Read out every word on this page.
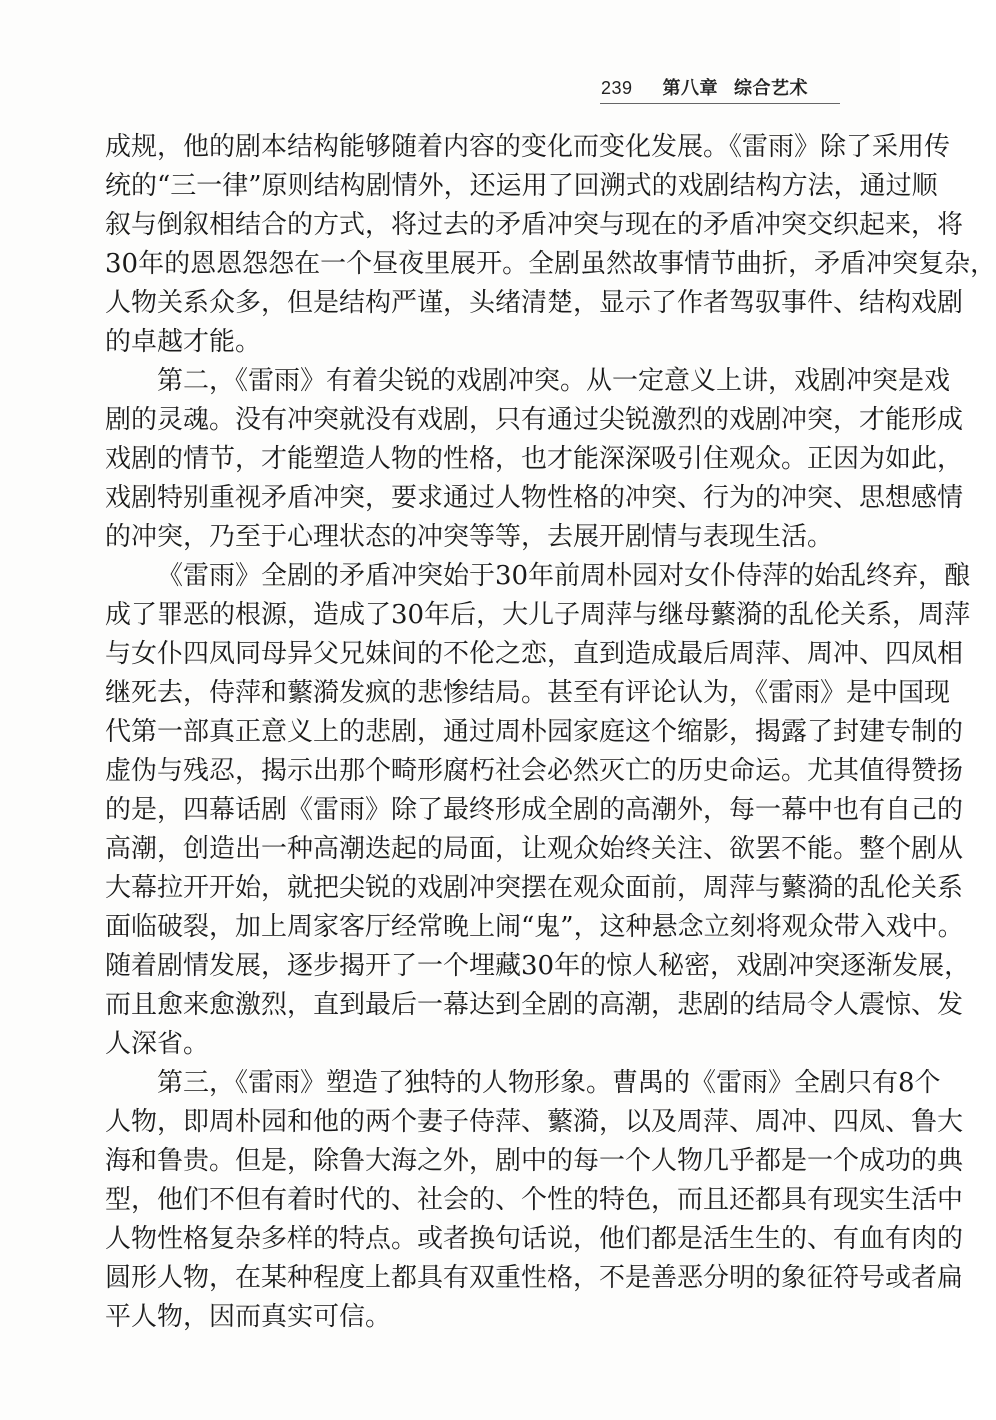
239 第八章 综合艺术
成规，他的剧本结构能够随着内容的变化而变化发展。《雷雨》除了采用传
统的“三一律”原则结构剧情外，还运用了回溯式的戏剧结构方法，通过顺
叙与倒叙相结合的方式，将过去的矛盾冲突与现在的矛盾冲突交织起来，将
30年的恩恩怨怨在一个昼夜里展开。全剧虽然故事情节曲折，矛盾冲突复杂，
人物关系众多，但是结构严谨，头绪清楚，显示了作者驾驭事件、结构戏剧
的卓越才能。
第二，《雷雨》有着尖锐的戏剧冲突。从一定意义上讲，戏剧冲突是戏
剧的灵魂。没有冲突就没有戏剧，只有通过尖锐激烈的戏剧冲突，才能形成
戏剧的情节，才能塑造人物的性格，也才能深深吸引住观众。正因为如此，
戏剧特别重视矛盾冲突，要求通过人物性格的冲突、行为的冲突、思想感情
的冲突，乃至于心理状态的冲突等等，去展开剧情与表现生活。
《雷雨》全剧的矛盾冲突始于30年前周朴园对女仆侍萍的始乱终弃，酿
成了罪恶的根源，造成了30年后，大儿子周萍与继母蘩漪的乱伦关系，周萍
与女仆四凤同母异父兄妹间的不伦之恋，直到造成最后周萍、周冲、四凤相
继死去，侍萍和蘩漪发疯的悲惨结局。甚至有评论认为，《雷雨》是中国现
代第一部真正意义上的悲剧，通过周朴园家庭这个缩影，揭露了封建专制的
虚伪与残忍，揭示出那个畸形腐朽社会必然灭亡的历史命运。尤其值得赞扬
的是，四幕话剧《雷雨》除了最终形成全剧的高潮外，每一幕中也有自己的
高潮，创造出一种高潮迭起的局面，让观众始终关注、欲罢不能。整个剧从
大幕拉开开始，就把尖锐的戏剧冲突摆在观众面前，周萍与蘩漪的乱伦关系
面临破裂，加上周家客厅经常晚上闹“鬼”，这种悬念立刻将观众带入戏中。
随着剧情发展，逐步揭开了一个埋藏30年的惊人秘密，戏剧冲突逐渐发展，
而且愈来愈激烈，直到最后一幕达到全剧的高潮，悲剧的结局令人震惊、发
人深省。
第三，《雷雨》塑造了独特的人物形象。曹禺的《雷雨》全剧只有8个
人物，即周朴园和他的两个妻子侍萍、蘩漪，以及周萍、周冲、四凤、鲁大
海和鲁贵。但是，除鲁大海之外，剧中的每一个人物几乎都是一个成功的典
型，他们不但有着时代的、社会的、个性的特色，而且还都具有现实生活中
人物性格复杂多样的特点。或者换句话说，他们都是活生生的、有血有肉的
圆形人物，在某种程度上都具有双重性格，不是善恶分明的象征符号或者扁
平人物，因而真实可信。
